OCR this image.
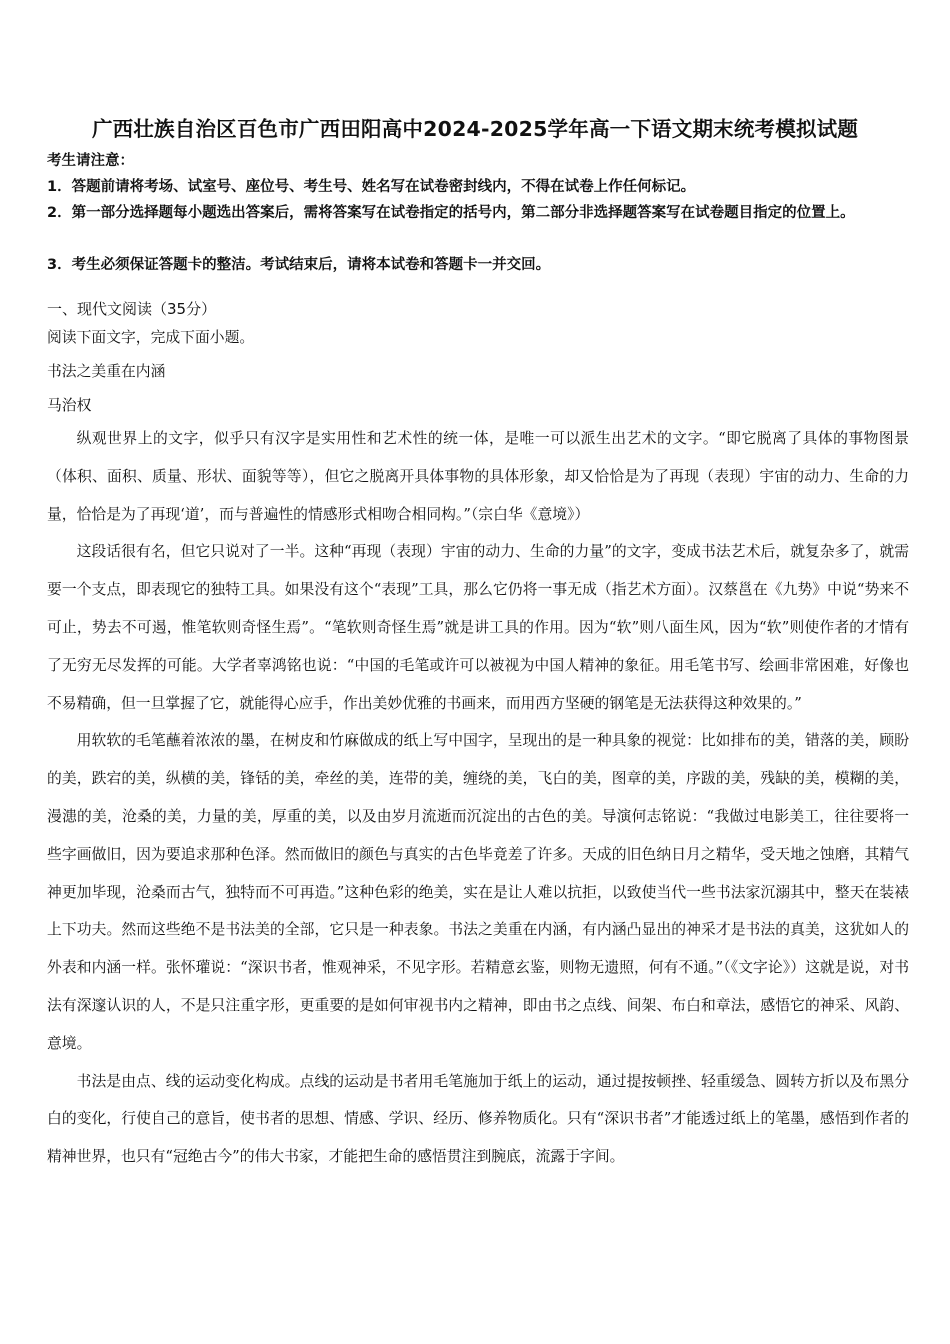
广西壮族自治区百色市广西田阳高中2024-2025学年高一下语文期末统考模拟试题
考生请注意：
1．答题前请将考场、试室号、座位号、考生号、姓名写在试卷密封线内，不得在试卷上作任何标记。
2．第一部分选择题每小题选出答案后，需将答案写在试卷指定的括号内，第二部分非选择题答案写在试卷题目指定的位置上。
3．考生必须保证答题卡的整洁。考试结束后，请将本试卷和答题卡一并交回。
一、现代文阅读（35分）
阅读下面文字，完成下面小题。
书法之美重在内涵
马治权

纵观世界上的文字，似乎只有汉字是实用性和艺术性的统一体，是唯一可以派生出艺术的文字。“即它脱离了具体的事物图景（体积、面积、质量、形状、面貌等等），但它之脱离开具体事物的具体形象，却又恰恰是为了再现（表现）宇宙的动力、生命的力量，恰恰是为了再现‘道’，而与普遍性的情感形式相吻合相同构。”（宗白华《意境》）

这段话很有名，但它只说对了一半。这种“再现（表现）宇宙的动力、生命的力量”的文字，变成书法艺术后，就复杂多了，就需要一个支点，即表现它的独特工具。如果没有这个“表现”工具，那么它仍将一事无成（指艺术方面）。汉蔡邕在《九势》中说“势来不可止，势去不可遏，惟笔软则奇怪生焉”。“笔软则奇怪生焉”就是讲工具的作用。因为“软”则八面生风，因为“软”则使作者的才情有了无穷无尽发挥的可能。大学者辜鸿铭也说：“中国的毛笔或许可以被视为中国人精神的象征。用毛笔书写、绘画非常困难，好像也不易精确，但一旦掌握了它，就能得心应手，作出美妙优雅的书画来，而用西方坚硬的钢笔是无法获得这种效果的。”

用软软的毛笔蘸着浓浓的墨，在树皮和竹麻做成的纸上写中国字，呈现出的是一种具象的视觉：比如排布的美，错落的美，顾盼的美，跌宕的美，纵横的美，锋铦的美，牵丝的美，连带的美，缠绕的美，飞白的美，图章的美，序跋的美，残缺的美，模糊的美，漫漶的美，沧桑的美，力量的美，厚重的美，以及由岁月流逝而沉淀出的古色的美。导演何志铭说：“我做过电影美工，往往要将一些字画做旧，因为要追求那种色泽。然而做旧的颜色与真实的古色毕竟差了许多。天成的旧色纳日月之精华，受天地之蚀磨，其精气神更加毕现，沧桑而古气，独特而不可再造。”这种色彩的绝美，实在是让人难以抗拒，以致使当代一些书法家沉溺其中，整天在装裱上下功夫。然而这些绝不是书法美的全部，它只是一种表象。书法之美重在内涵，有内涵凸显出的神采才是书法的真美，这犹如人的外表和内涵一样。张怀瓘说：“深识书者，惟观神采，不见字形。若精意玄鉴，则物无遗照，何有不通。”（《文字论》）这就是说，对书法有深邃认识的人，不是只注重字形，更重要的是如何审视书内之精神，即由书之点线、间架、布白和章法，感悟它的神采、风韵、意境。

书法是由点、线的运动变化构成。点线的运动是书者用毛笔施加于纸上的运动，通过提按顿挫、轻重缓急、圆转方折以及布黑分白的变化，行使自己的意旨，使书者的思想、情感、学识、经历、修养物质化。只有“深识书者”才能透过纸上的笔墨，感悟到作者的精神世界，也只有“冠绝古今”的伟大书家，才能把生命的感悟贯注到腕底，流露于字间。
